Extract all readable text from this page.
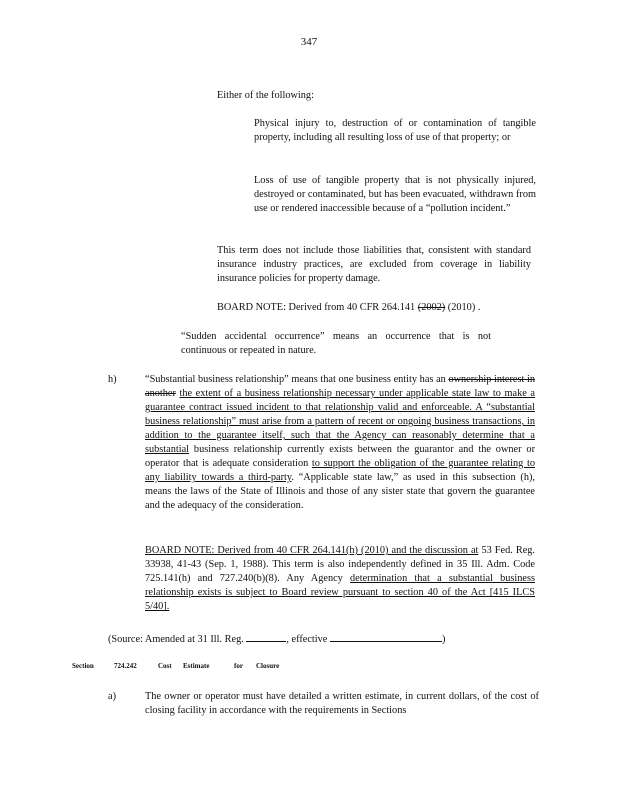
347
Either of the following:
Physical injury to, destruction of or contamination of tangible property, including all resulting loss of use of that property; or
Loss of use of tangible property that is not physically injured, destroyed or contaminated, but has been evacuated, withdrawn from use or rendered inaccessible because of a “pollution incident.”
This term does not include those liabilities that, consistent with standard insurance industry practices, are excluded from coverage in liability insurance policies for property damage.
BOARD NOTE: Derived from 40 CFR 264.141 (2002) (2010) .
“Sudden accidental occurrence” means an occurrence that is not continuous or repeated in nature.
h)	“Substantial business relationship” means that one business entity has an ownership interest in another the extent of a business relationship necessary under applicable state law to make a guarantee contract issued incident to that relationship valid and enforceable. A “substantial business relationship” must arise from a pattern of recent or ongoing business transactions, in addition to the guarantee itself, such that the Agency can reasonably determine that a substantial business relationship currently exists between the guarantor and the owner or operator that is adequate consideration to support the obligation of the guarantee relating to any liability towards a third-party. “Applicable state law,” as used in this subsection (h), means the laws of the State of Illinois and those of any sister state that govern the guarantee and the adequacy of the consideration.
BOARD NOTE: Derived from 40 CFR 264.141(h) (2010) and the discussion at 53 Fed. Reg. 33938, 41-43 (Sep. 1, 1988). This term is also independently defined in 35 Ill. Adm. Code 725.141(h) and 727.240(b)(8). Any Agency determination that a substantial business relationship exists is subject to Board review pursuant to section 40 of the Act [415 ILCS 5/40].
(Source: Amended at 31 Ill. Reg.	, effective	)
Section	724.242	Cost Estimate	for Closure
a)	The owner or operator must have detailed a written estimate, in current dollars, of the cost of closing facility in accordance with the requirements in Sections
